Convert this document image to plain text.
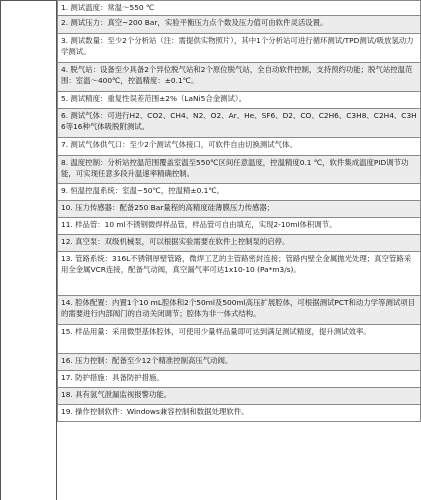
1. 测试温度：常温～550 ℃
2. 测试压力：真空~200 Bar，实验平衡压力点个数及压力值可由软件灵活设置。
3. 测试数量：至少2个分析站（注：需提供实物照片），其中1个分析站可进行循环测试/TPD测试/吸放氢动力学测试。
4. 脱气站：设备至少具备2个异位脱气站和2个原位脱气站，全自动软件控制，支持预约功能；脱气站控温范围：室温～400℃，控温精度：±0.1℃。
5. 测试精度：重复性误差范围±2%（LaNi5合金测试）。
6. 测试气体：可进行H2、CO2、CH4、N2、O2、Ar、He、SF6、D2、CO、C2H6、C3H8、C2H4、C3H6等16种气体吸脱附测试。
7. 测试气体供气口：至少2个测试气体接口，可软件自由切换测试气体。
8. 温度控制：分析站控温范围覆盖室温至550℃区间任意温度，控温精度0.1 ℃，软件集成温度PID调节功能，可实现任意多段升温速率精确控制。
9. 恒温控温系统：室温~50℃，控温精±0.1℃。
10. 压力传感器：配备250 Bar量程的高精度硅薄膜压力传感器；
11. 样品管：10 ml不锈钢微焊样品管，样品管可自由填充，实现2-10ml体积调节。
12. 真空泵：双级机械泵，可以根据实验需要在软件上控制泵的启停。
13. 管路系统：316L不锈钢厚壁管路，微焊工艺的主管路密封连接；管路内壁全金属抛光处理；真空管路采用全金属VCR连接，配备气动阀，真空漏气率可达1x10-10 (Pa*m3/s)。
14. 腔体配置：内置1个10 mL腔体和2个50ml及500ml高压扩展腔体，可根据测试PCT和动力学等测试项目的需要进行内部阀门的自动关闭调节；腔体为非一体式结构。
15. 样品用量：采用微型基体腔体，可使用少量样品量即可达到满足测试精度，提升测试效率。
16. 压力控制：配备至少12个精准控制高压气动阀。
17. 防护措施：具备防护措施。
18. 具有氢气泄漏监视报警功能。
19. 操作控制软件：Windows兼容控制和数据处理软件。
